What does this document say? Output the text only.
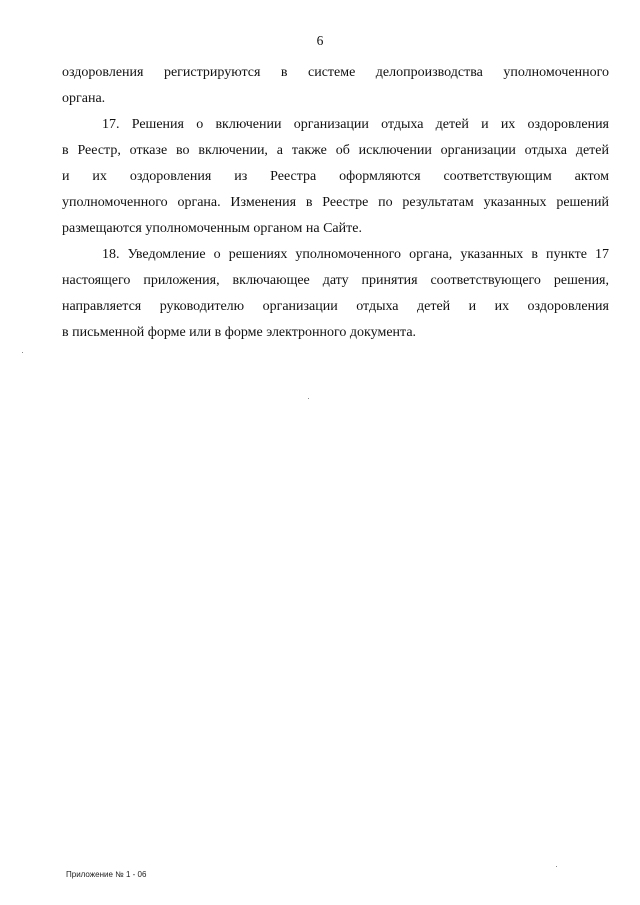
6
оздоровления регистрируются в системе делопроизводства уполномоченного
органа.
17. Решения о включении организации отдыха детей и их оздоровления
в Реестр, отказе во включении, а также об исключении организации отдыха детей
и их оздоровления из Реестра оформляются соответствующим актом
уполномоченного органа. Изменения в Реестре по результатам указанных решений
размещаются уполномоченным органом на Сайте.
18. Уведомление о решениях уполномоченного органа, указанных в пункте 17
настоящего приложения, включающее дату принятия соответствующего решения,
направляется руководителю организации отдыха детей и их оздоровления
в письменной форме или в форме электронного документа.
Приложение № 1 - 06
